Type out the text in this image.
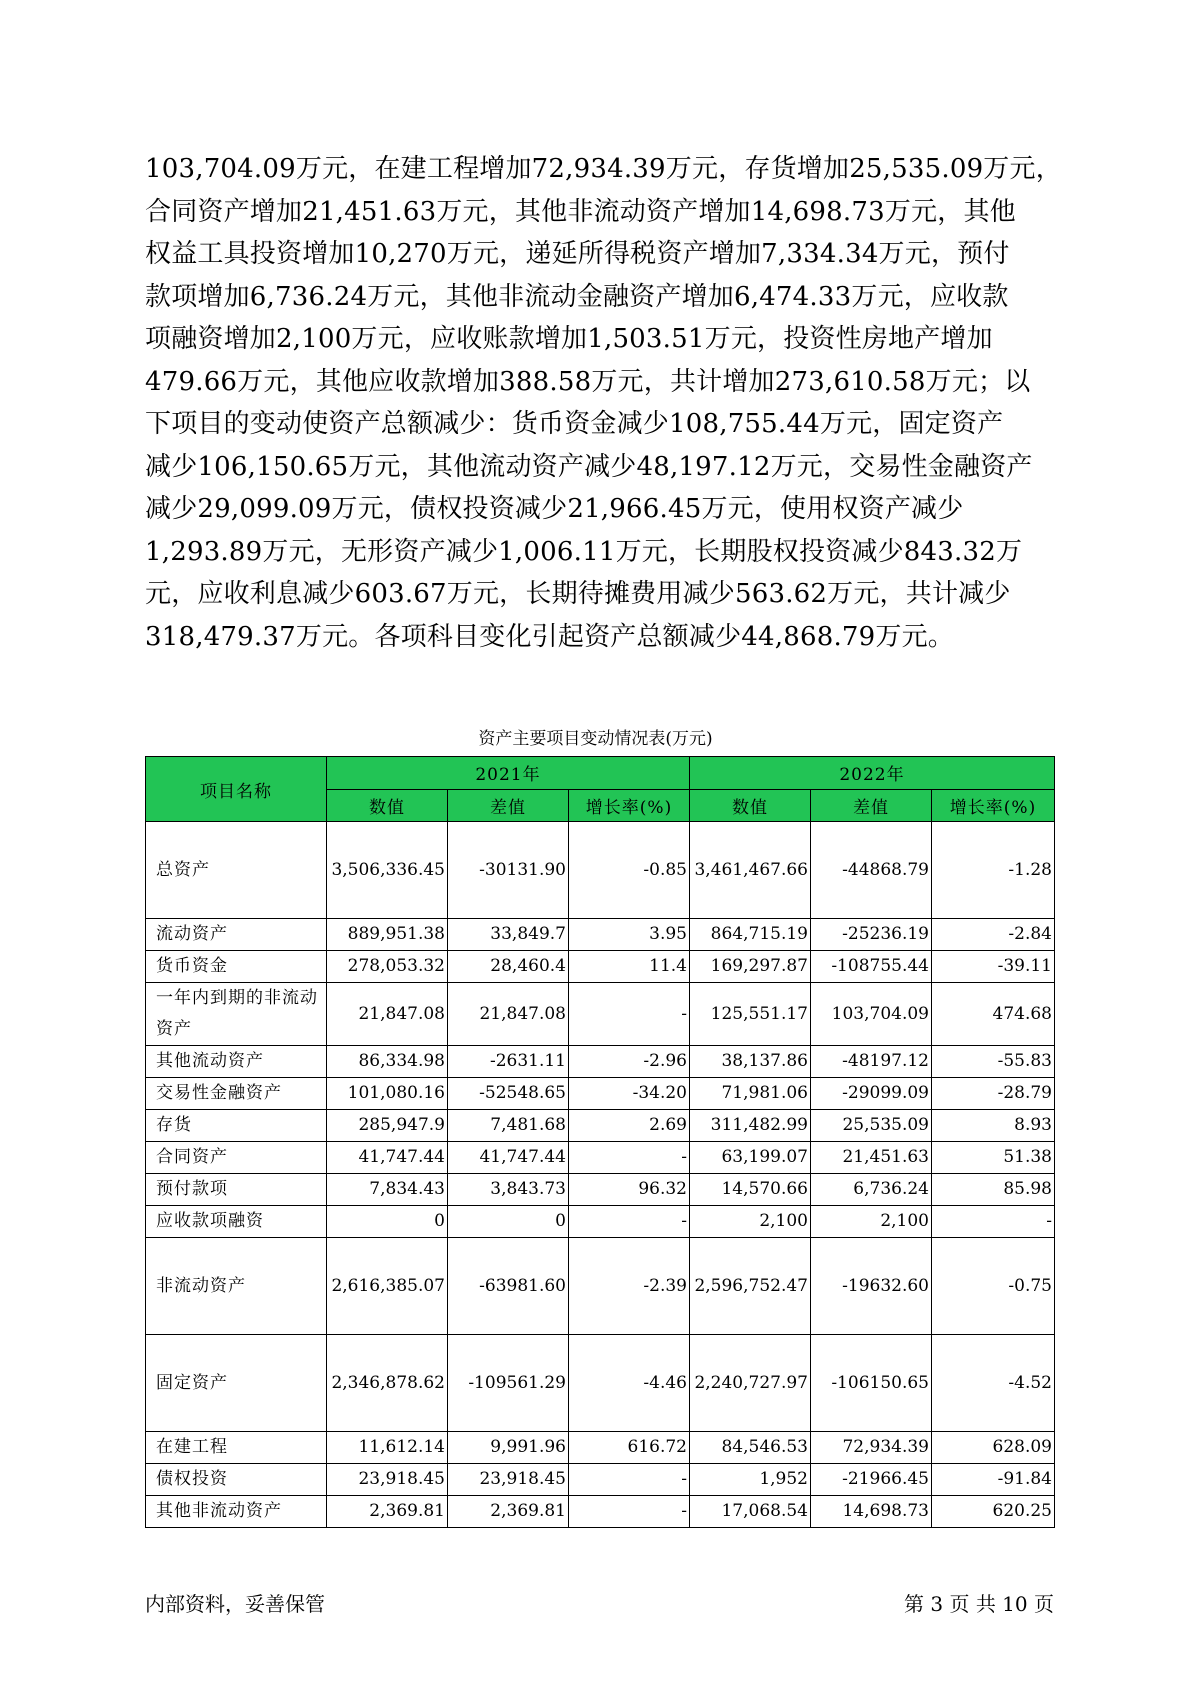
103,704.09万元，在建工程增加72,934.39万元，存货增加25,535.09万元，
合同资产增加21,451.63万元，其他非流动资产增加14,698.73万元，其他
权益工具投资增加10,270万元，递延所得税资产增加7,334.34万元，预付
款项增加6,736.24万元，其他非流动金融资产增加6,474.33万元，应收款
项融资增加2,100万元，应收账款增加1,503.51万元，投资性房地产增加
479.66万元，其他应收款增加388.58万元，共计增加273,610.58万元；以
下项目的变动使资产总额减少：货币资金减少108,755.44万元，固定资产
减少106,150.65万元，其他流动资产减少48,197.12万元，交易性金融资产
减少29,099.09万元，债权投资减少21,966.45万元，使用权资产减少
1,293.89万元，无形资产减少1,006.11万元，长期股权投资减少843.32万
元，应收利息减少603.67万元，长期待摊费用减少563.62万元，共计减少
318,479.37万元。各项科目变化引起资产总额减少44,868.79万元。
资产主要项目变动情况表(万元)
项目名称	2021年			2022年		
	数值	差值	增长率(%)	数值	差值	增长率(%)
总资产	3,506,336.45	-30131.90	-0.85	3,461,467.66	-44868.79	-1.28
流动资产	889,951.38	33,849.7	3.95	864,715.19	-25236.19	-2.84
货币资金	278,053.32	28,460.4	11.4	169,297.87	-108755.44	-39.11
一年内到期的非流动资产	21,847.08	21,847.08	-	125,551.17	103,704.09	474.68
其他流动资产	86,334.98	-2631.11	-2.96	38,137.86	-48197.12	-55.83
交易性金融资产	101,080.16	-52548.65	-34.20	71,981.06	-29099.09	-28.79
存货	285,947.9	7,481.68	2.69	311,482.99	25,535.09	8.93
合同资产	41,747.44	41,747.44	-	63,199.07	21,451.63	51.38
预付款项	7,834.43	3,843.73	96.32	14,570.66	6,736.24	85.98
应收款项融资	0	0	-	2,100	2,100	-
非流动资产	2,616,385.07	-63981.60	-2.39	2,596,752.47	-19632.60	-0.75
固定资产	2,346,878.62	-109561.29	-4.46	2,240,727.97	-106150.65	-4.52
在建工程	11,612.14	9,991.96	616.72	84,546.53	72,934.39	628.09
债权投资	23,918.45	23,918.45	-	1,952	-21966.45	-91.84
其他非流动资产	2,369.81	2,369.81	-	17,068.54	14,698.73	620.25
内部资料，妥善保管	第 3 页 共 10 页
